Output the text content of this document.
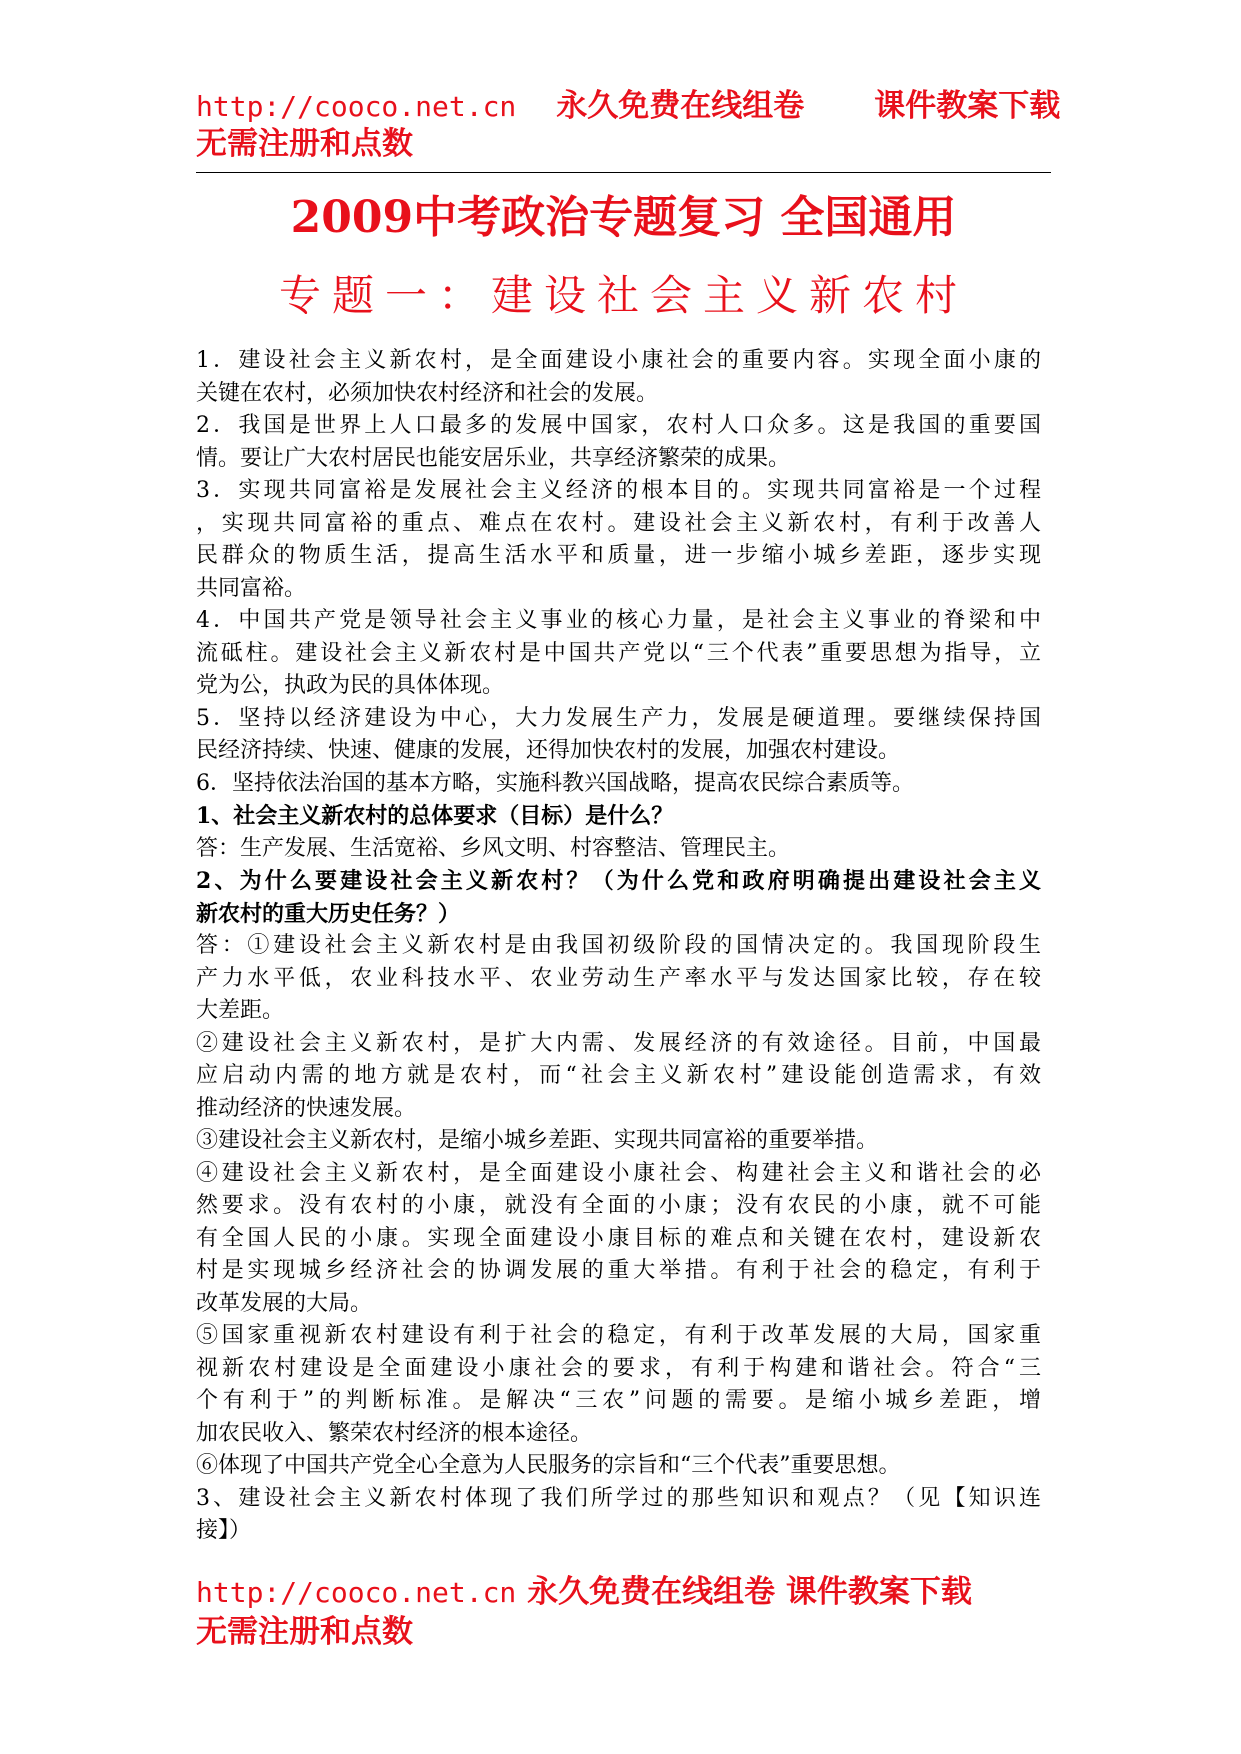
http://cooco.net.cn 永久免费在线组卷 课件教案下载
无需注册和点数
2009中考政治专题复习 全国通用
专题一：建设社会主义新农村
1．建设社会主义新农村，是全面建设小康社会的重要内容。实现全面小康的
关键在农村，必须加快农村经济和社会的发展。
2．我国是世界上人口最多的发展中国家，农村人口众多。这是我国的重要国
情。要让广大农村居民也能安居乐业，共享经济繁荣的成果。
3．实现共同富裕是发展社会主义经济的根本目的。实现共同富裕是一个过程
，实现共同富裕的重点、难点在农村。建设社会主义新农村，有利于改善人
民群众的物质生活，提高生活水平和质量，进一步缩小城乡差距，逐步实现
共同富裕。
4．中国共产党是领导社会主义事业的核心力量，是社会主义事业的脊梁和中
流砥柱。建设社会主义新农村是中国共产党以“三个代表”重要思想为指导，立
党为公，执政为民的具体体现。
5．坚持以经济建设为中心，大力发展生产力，发展是硬道理。要继续保持国
民经济持续、快速、健康的发展，还得加快农村的发展，加强农村建设。
6．坚持依法治国的基本方略，实施科教兴国战略，提高农民综合素质等。
1、社会主义新农村的总体要求（目标）是什么？
答：生产发展、生活宽裕、乡风文明、村容整洁、管理民主。
2、为什么要建设社会主义新农村？（为什么党和政府明确提出建设社会主义
新农村的重大历史任务？）
答：①建设社会主义新农村是由我国初级阶段的国情决定的。我国现阶段生
产力水平低，农业科技水平、农业劳动生产率水平与发达国家比较，存在较
大差距。
②建设社会主义新农村，是扩大内需、发展经济的有效途径。目前，中国最
应启动内需的地方就是农村，而“社会主义新农村”建设能创造需求，有效
推动经济的快速发展。
③建设社会主义新农村，是缩小城乡差距、实现共同富裕的重要举措。
④建设社会主义新农村，是全面建设小康社会、构建社会主义和谐社会的必
然要求。没有农村的小康，就没有全面的小康；没有农民的小康，就不可能
有全国人民的小康。实现全面建设小康目标的难点和关键在农村，建设新农
村是实现城乡经济社会的协调发展的重大举措。有利于社会的稳定，有利于
改革发展的大局。
⑤国家重视新农村建设有利于社会的稳定，有利于改革发展的大局，国家重
视新农村建设是全面建设小康社会的要求，有利于构建和谐社会。符合“三
个有利于”的判断标准。是解决“三农”问题的需要。是缩小城乡差距，增
加农民收入、繁荣农村经济的根本途径。
⑥体现了中国共产党全心全意为人民服务的宗旨和“三个代表”重要思想。
3、建设社会主义新农村体现了我们所学过的那些知识和观点？（见【知识连
接】）
http://cooco.net.cn 永久免费在线组卷 课件教案下载
无需注册和点数
